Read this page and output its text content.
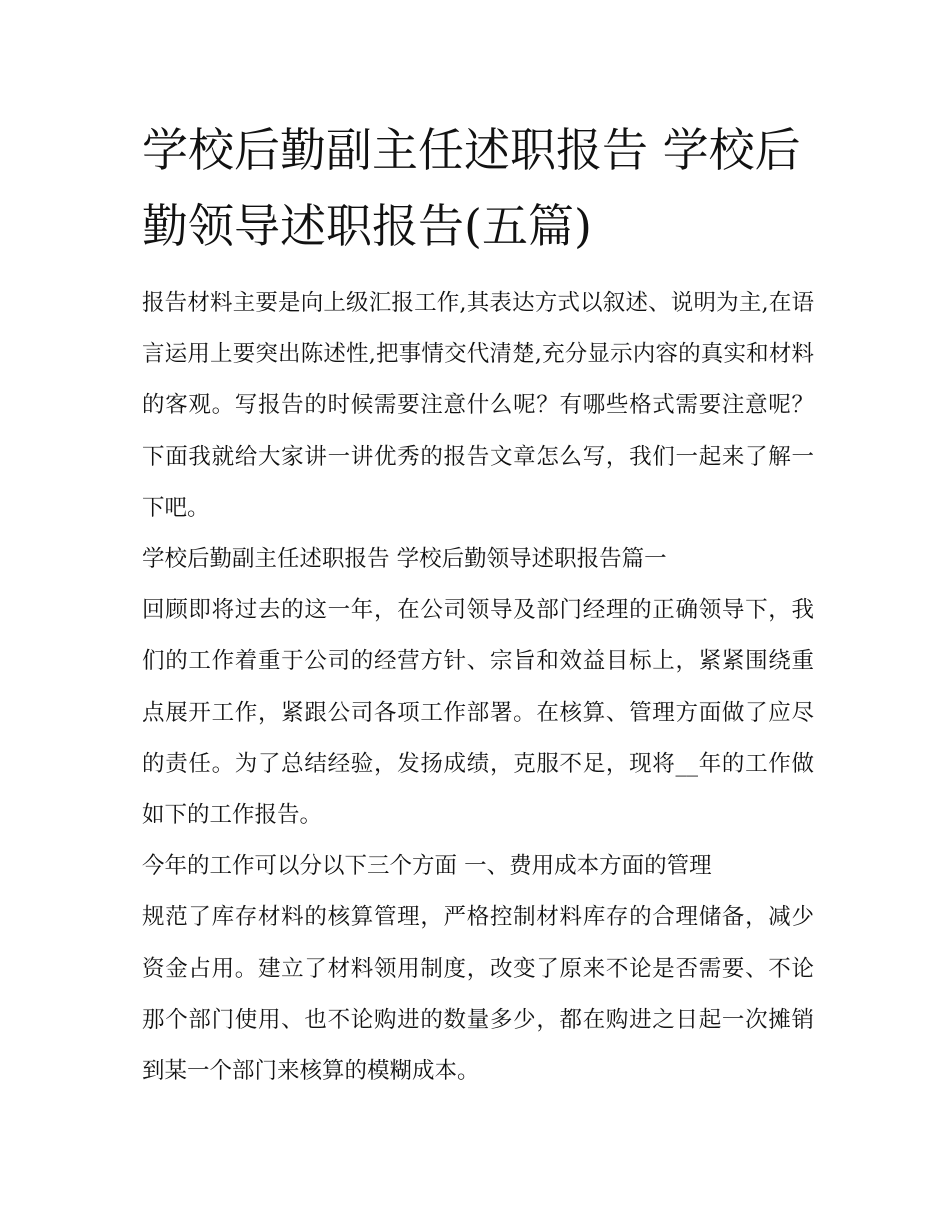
学校后勤副主任述职报告 学校后勤领导述职报告(五篇)

报告材料主要是向上级汇报工作,其表达方式以叙述、说明为主,在语言运用上要突出陈述性,把事情交代清楚,充分显示内容的真实和材料的客观。写报告的时候需要注意什么呢？有哪些格式需要注意呢？下面我就给大家讲一讲优秀的报告文章怎么写，我们一起来了解一下吧。

学校后勤副主任述职报告 学校后勤领导述职报告篇一

回顾即将过去的这一年，在公司领导及部门经理的正确领导下，我们的工作着重于公司的经营方针、宗旨和效益目标上，紧紧围绕重点展开工作，紧跟公司各项工作部署。在核算、管理方面做了应尽的责任。为了总结经验，发扬成绩，克服不足，现将__年的工作做如下的工作报告。

今年的工作可以分以下三个方面 一、费用成本方面的管理

规范了库存材料的核算管理，严格控制材料库存的合理储备，减少资金占用。建立了材料领用制度，改变了原来不论是否需要、不论那个部门使用、也不论购进的数量多少，都在购进之日起一次摊销到某一个部门来核算的模糊成本。
